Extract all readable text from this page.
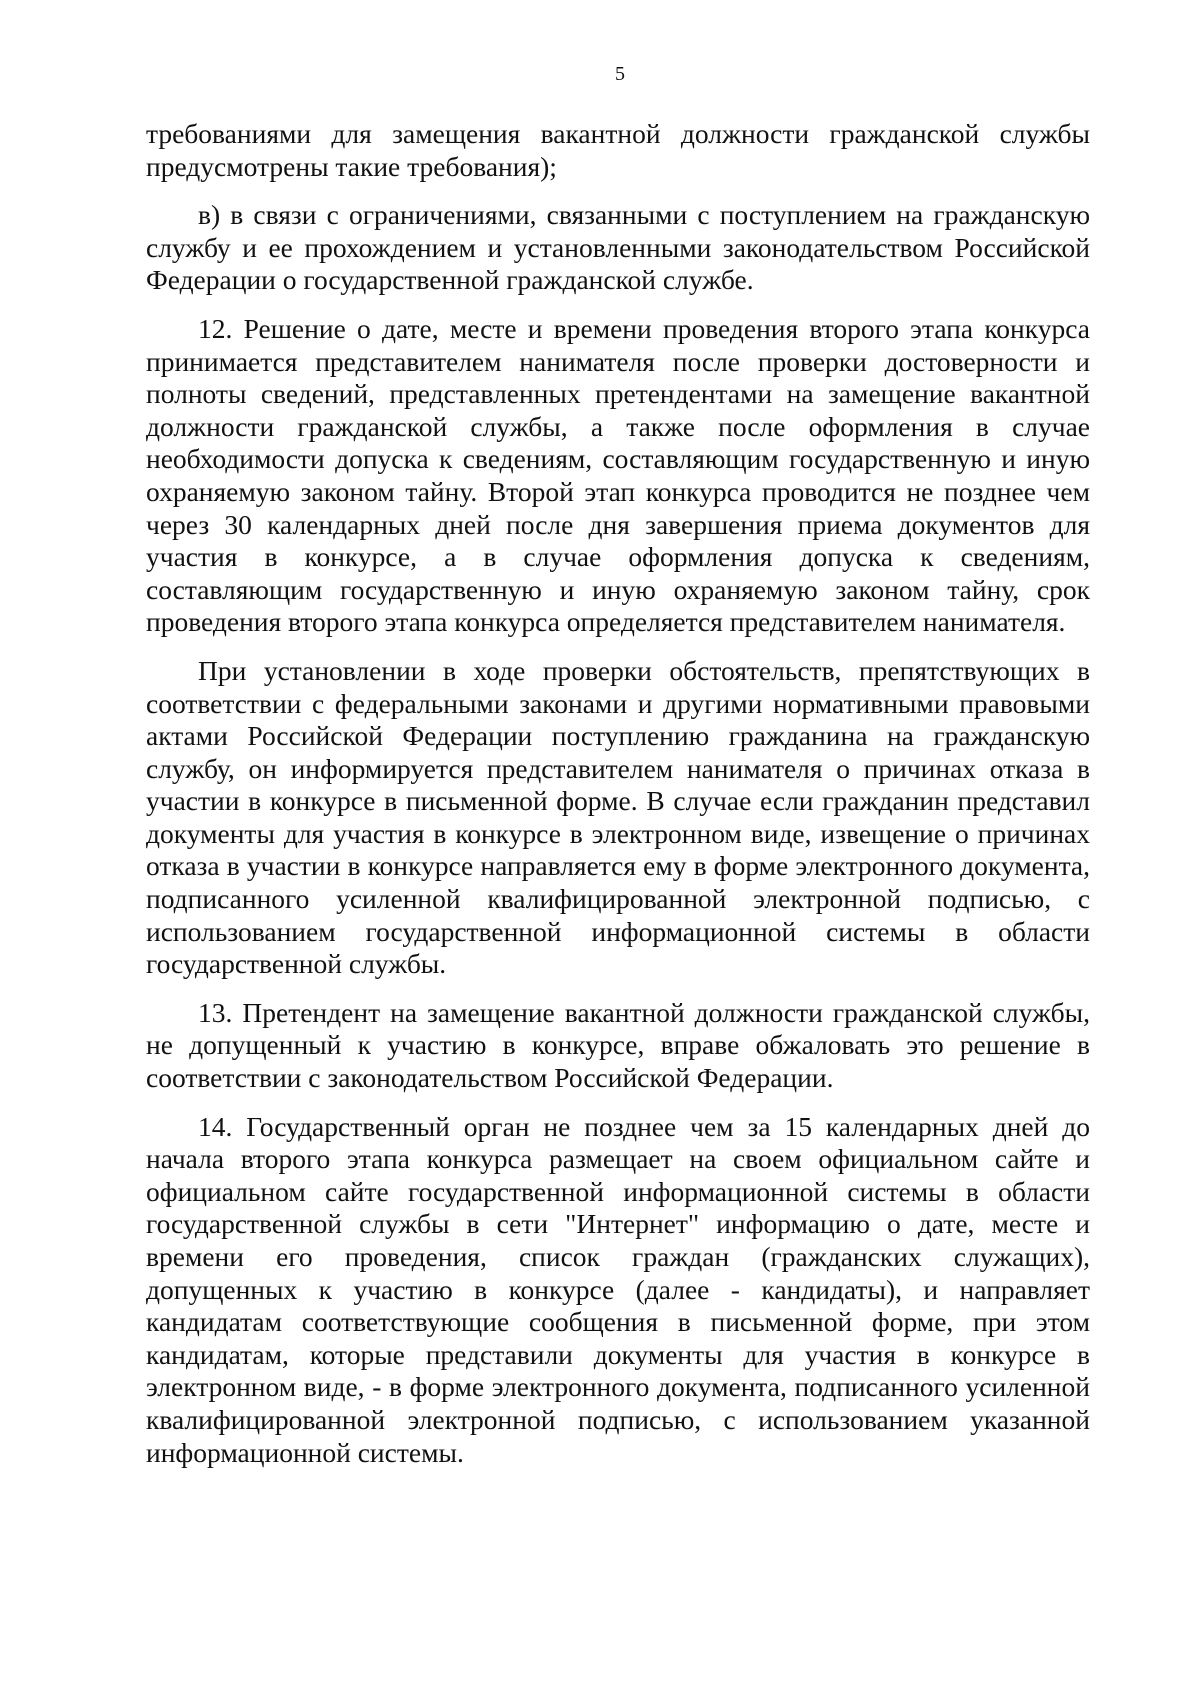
5

требованиями для замещения вакантной должности гражданской службы предусмотрены такие требования);

в) в связи с ограничениями, связанными с поступлением на гражданскую службу и ее прохождением и установленными законодательством Российской Федерации о государственной гражданской службе.

12. Решение о дате, месте и времени проведения второго этапа конкурса принимается представителем нанимателя после проверки достоверности и полноты сведений, представленных претендентами на замещение вакантной должности гражданской службы, а также после оформления в случае необходимости допуска к сведениям, составляющим государственную и иную охраняемую законом тайну. Второй этап конкурса проводится не позднее чем через 30 календарных дней после дня завершения приема документов для участия в конкурсе, а в случае оформления допуска к сведениям, составляющим государственную и иную охраняемую законом тайну, срок проведения второго этапа конкурса определяется представителем нанимателя.

При установлении в ходе проверки обстоятельств, препятствующих в соответствии с федеральными законами и другими нормативными правовыми актами Российской Федерации поступлению гражданина на гражданскую службу, он информируется представителем нанимателя о причинах отказа в участии в конкурсе в письменной форме. В случае если гражданин представил документы для участия в конкурсе в электронном виде, извещение о причинах отказа в участии в конкурсе направляется ему в форме электронного документа, подписанного усиленной квалифицированной электронной подписью, с использованием государственной информационной системы в области государственной службы.

13. Претендент на замещение вакантной должности гражданской службы, не допущенный к участию в конкурсе, вправе обжаловать это решение в соответствии с законодательством Российской Федерации.

14. Государственный орган не позднее чем за 15 календарных дней до начала второго этапа конкурса размещает на своем официальном сайте и официальном сайте государственной информационной системы в области государственной службы в сети "Интернет" информацию о дате, месте и времени его проведения, список граждан (гражданских служащих), допущенных к участию в конкурсе (далее - кандидаты), и направляет кандидатам соответствующие сообщения в письменной форме, при этом кандидатам, которые представили документы для участия в конкурсе в электронном виде, - в форме электронного документа, подписанного усиленной квалифицированной электронной подписью, с использованием указанной информационной системы.
